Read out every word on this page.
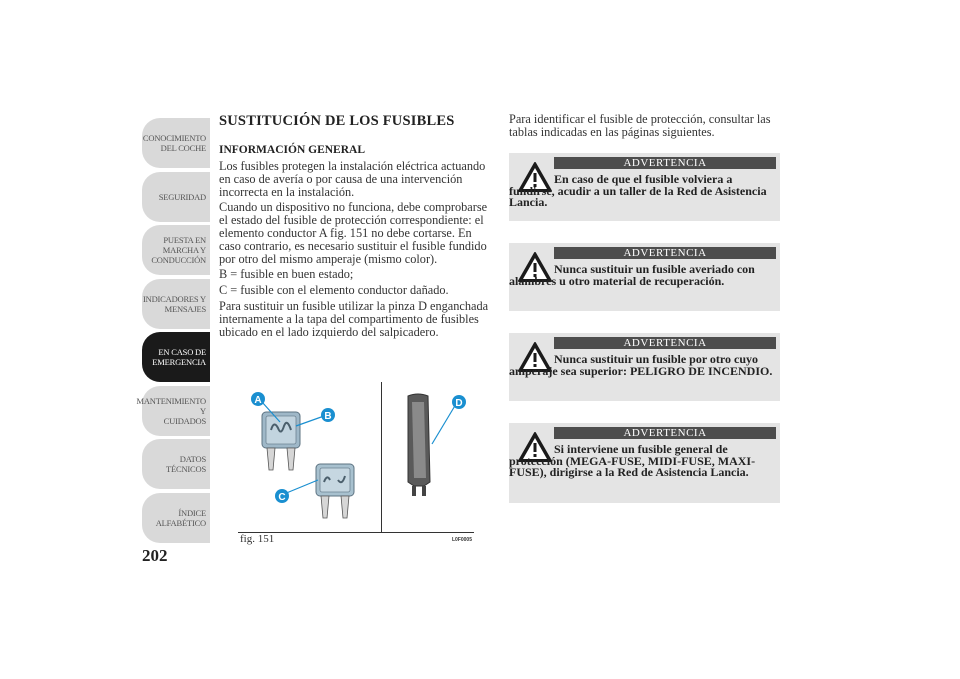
CONOCIMIENTO
DEL COCHE
SEGURIDAD
PUESTA EN
MARCHA Y
CONDUCCIÓN
INDICADORES Y
MENSAJES
EN CASO DE
EMERGENCIA
MANTENIMIENTO Y
CUIDADOS
DATOS TÉCNICOS
ÍNDICE
ALFABÉTICO
202
SUSTITUCIÓN DE LOS FUSIBLES
INFORMACIÓN GENERAL

Los fusibles protegen la instalación eléctrica actuando en caso de avería o por causa de una intervención incorrecta en la instalación.

Cuando un dispositivo no funciona, debe comprobarse el estado del fusible de protección correspondiente: el elemento conductor A fig. 151 no debe cortarse. En caso contrario, es necesario sustituir el fusible fundido por otro del mismo amperaje (mismo color).

B = fusible en buen estado;

C = fusible con el elemento conductor dañado.

Para sustituir un fusible utilizar la pinza D enganchada internamente a la tapa del compartimento de fusibles ubicado en el lado izquierdo del salpicadero.

A
B
C
D
fig. 151	L0F0005

Para identificar el fusible de protección, consultar las tablas indicadas en las páginas siguientes.

ADVERTENCIA
En caso de que el fusible volviera a fundirse, acudir a un taller de la Red de Asistencia Lancia.
ADVERTENCIA
Nunca sustituir un fusible averiado con alambres u otro material de recuperación.
ADVERTENCIA
Nunca sustituir un fusible por otro cuyo amperaje sea superior: PELIGRO DE INCENDIO.
ADVERTENCIA
Si interviene un fusible general de protección (MEGA-FUSE, MIDI-FUSE, MAXI-FUSE), dirigirse a la Red de Asistencia Lancia.
